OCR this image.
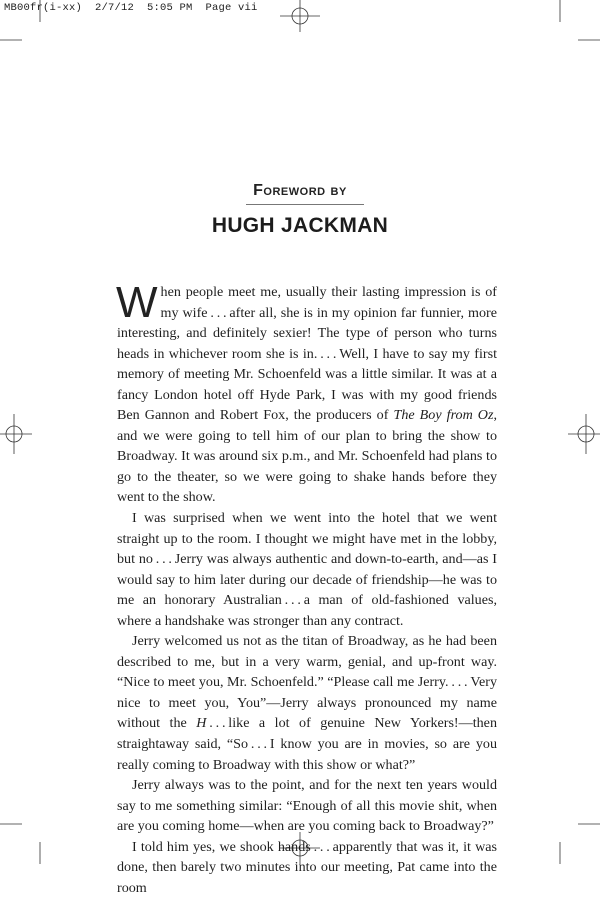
MB00fr(i-xx)  2/7/12  5:05 PM  Page vii
Foreword by
HUGH JACKMAN

When people meet me, usually their lasting impression is of my wife . . . after all, she is in my opinion far funnier, more interesting, and definitely sexier! The type of person who turns heads in whichever room she is in. . . . Well, I have to say my first memory of meeting Mr. Schoenfeld was a little similar. It was at a fancy London hotel off Hyde Park, I was with my good friends Ben Gannon and Robert Fox, the producers of The Boy from Oz, and we were going to tell him of our plan to bring the show to Broadway. It was around six p.m., and Mr. Schoenfeld had plans to go to the theater, so we were going to shake hands before they went to the show.

I was surprised when we went into the hotel that we went straight up to the room. I thought we might have met in the lobby, but no . . . Jerry was always authentic and down-to-earth, and—as I would say to him later during our decade of friendship—he was to me an honorary Australian . . . a man of old-fashioned values, where a handshake was stronger than any contract.

Jerry welcomed us not as the titan of Broadway, as he had been described to me, but in a very warm, genial, and up-front way. “Nice to meet you, Mr. Schoenfeld.” “Please call me Jerry. . . . Very nice to meet you, You”—Jerry always pronounced my name without the H . . . like a lot of genuine New Yorkers!—then straightaway said, “So . . . I know you are in movies, so are you really coming to Broadway with this show or what?”

Jerry always was to the point, and for the next ten years would say to me something similar: “Enough of all this movie shit, when are you coming home—when are you coming back to Broadway?”

I told him yes, we shook hands . . . apparently that was it, it was done, then barely two minutes into our meeting, Pat came into the room
